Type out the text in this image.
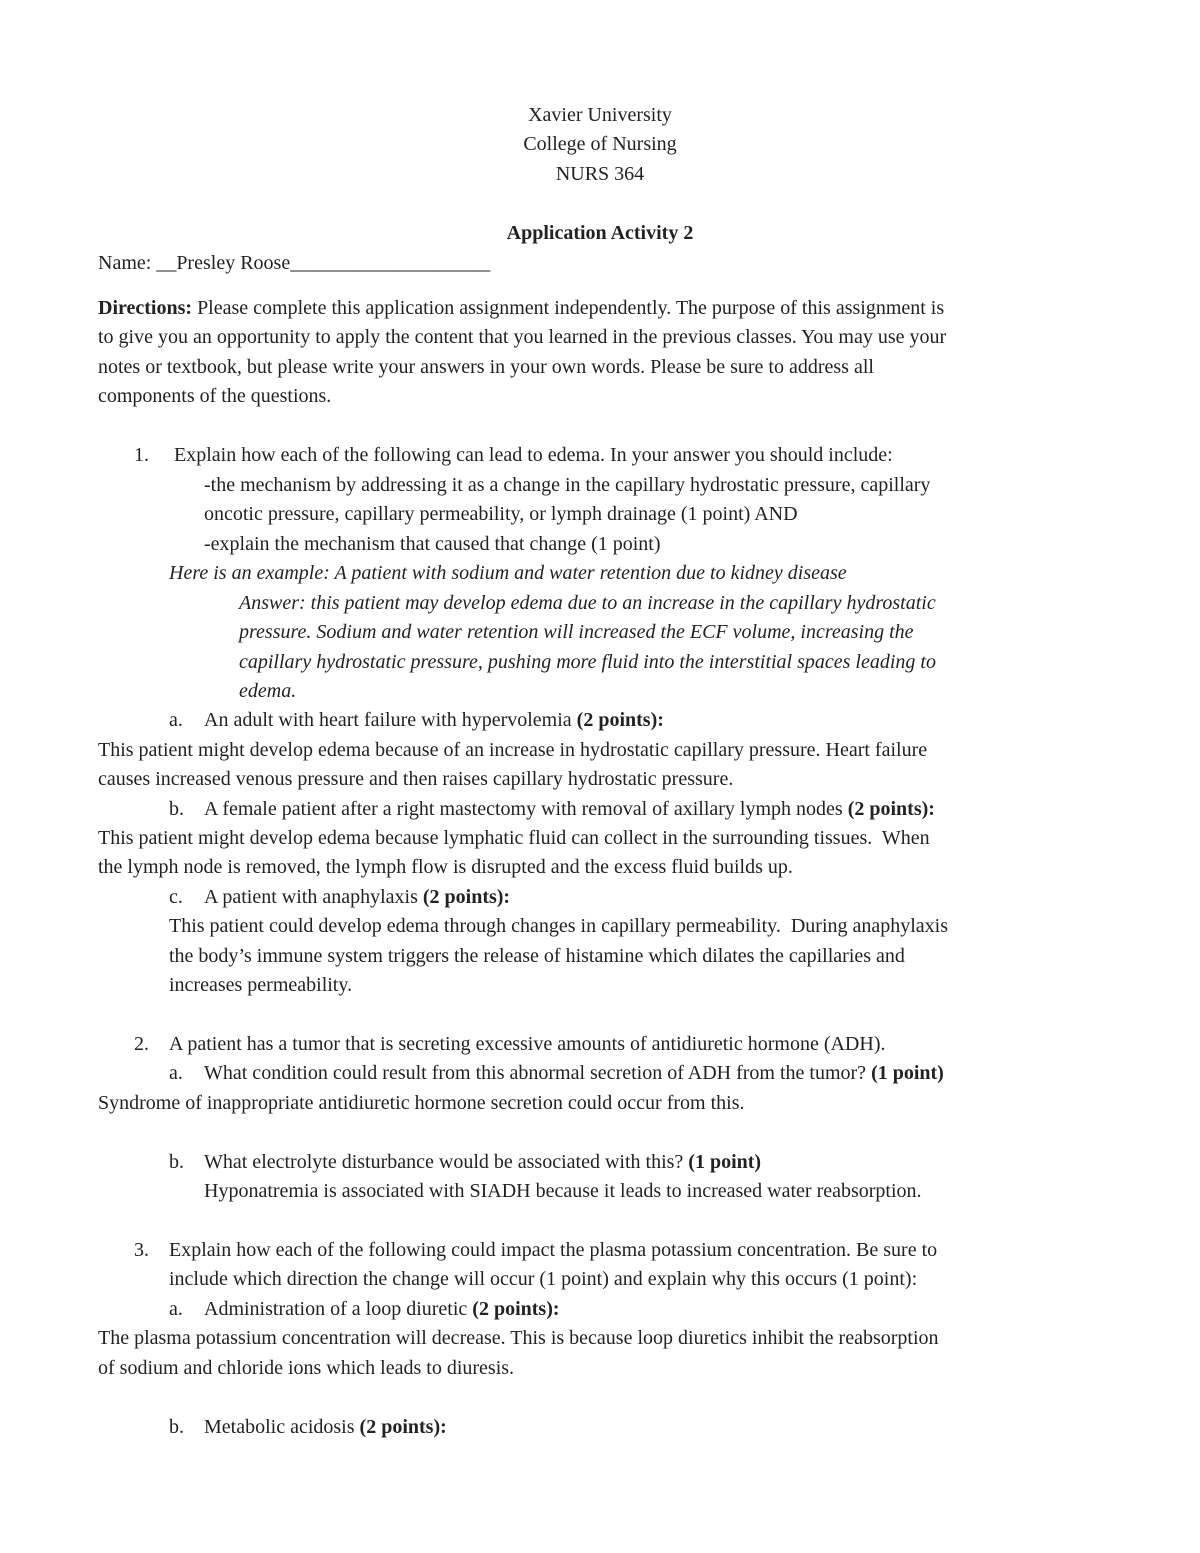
Xavier University
College of Nursing
NURS 364
Application Activity 2
Name: __Presley Roose____________________
Directions: Please complete this application assignment independently. The purpose of this assignment is
to give you an opportunity to apply the content that you learned in the previous classes. You may use your
notes or textbook, but please write your answers in your own words. Please be sure to address all
components of the questions.
1. Explain how each of the following can lead to edema. In your answer you should include:
-the mechanism by addressing it as a change in the capillary hydrostatic pressure, capillary
oncotic pressure, capillary permeability, or lymph drainage (1 point) AND
-explain the mechanism that caused that change (1 point)
Here is an example: A patient with sodium and water retention due to kidney disease
Answer: this patient may develop edema due to an increase in the capillary hydrostatic
pressure. Sodium and water retention will increased the ECF volume, increasing the
capillary hydrostatic pressure, pushing more fluid into the interstitial spaces leading to
edema.
a. An adult with heart failure with hypervolemia (2 points):
This patient might develop edema because of an increase in hydrostatic capillary pressure. Heart failure
causes increased venous pressure and then raises capillary hydrostatic pressure.
b. A female patient after a right mastectomy with removal of axillary lymph nodes (2 points):
This patient might develop edema because lymphatic fluid can collect in the surrounding tissues.  When
the lymph node is removed, the lymph flow is disrupted and the excess fluid builds up.
c. A patient with anaphylaxis (2 points):
This patient could develop edema through changes in capillary permeability.  During anaphylaxis
the body’s immune system triggers the release of histamine which dilates the capillaries and
increases permeability.
2. A patient has a tumor that is secreting excessive amounts of antidiuretic hormone (ADH).
a. What condition could result from this abnormal secretion of ADH from the tumor? (1 point)
Syndrome of inappropriate antidiuretic hormone secretion could occur from this.
b. What electrolyte disturbance would be associated with this? (1 point)
Hyponatremia is associated with SIADH because it leads to increased water reabsorption.
3. Explain how each of the following could impact the plasma potassium concentration. Be sure to
include which direction the change will occur (1 point) and explain why this occurs (1 point):
a. Administration of a loop diuretic (2 points):
The plasma potassium concentration will decrease. This is because loop diuretics inhibit the reabsorption
of sodium and chloride ions which leads to diuresis.
b. Metabolic acidosis (2 points):
